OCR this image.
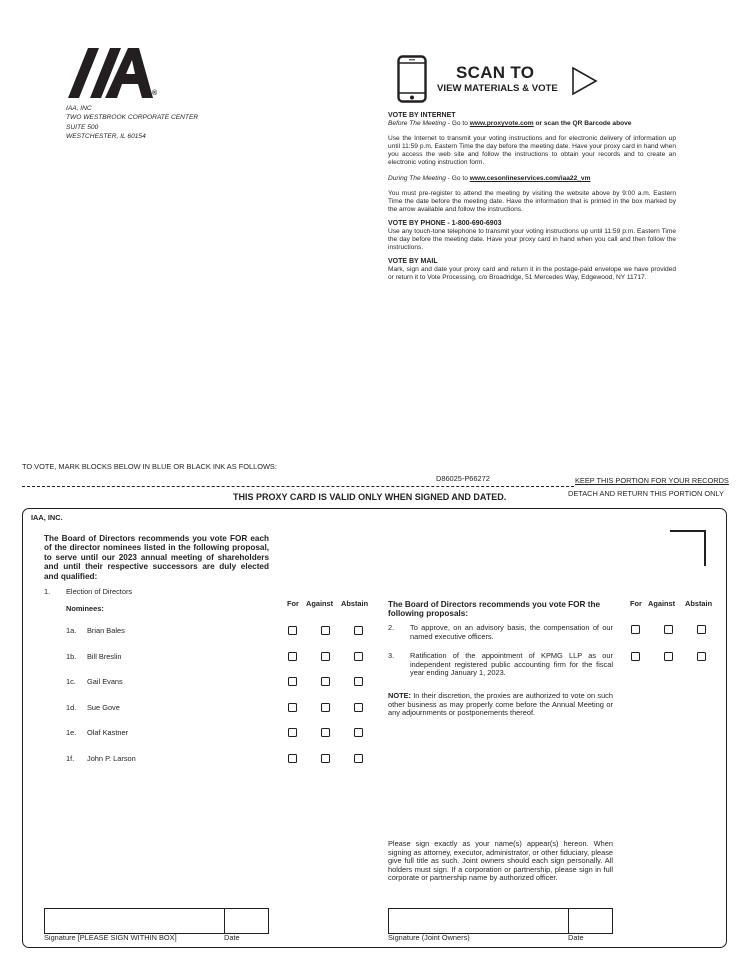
®
IAA, INC
TWO WESTBROOK CORPORATE CENTER
SUITE 500
WESTCHESTER, IL 60154
SCAN TO
VIEW MATERIALS & VOTE
VOTE BY INTERNET
Before The Meeting - Go to www.proxyvote.com or scan the QR Barcode above
Use the Internet to transmit your voting instructions and for electronic delivery of information up until 11:59 p.m. Eastern Time the day before the meeting date. Have your proxy card in hand when you access the web site and follow the instructions to obtain your records and to create an electronic voting instruction form.
During The Meeting - Go to www.cesonlineservices.com/iaa22_vm
You must pre-register to attend the meeting by visiting the website above by 9:00 a.m. Eastern Time the date before the meeting date. Have the information that is printed in the box marked by the arrow available and follow the instructions.
VOTE BY PHONE - 1-800-690-6903
Use any touch-tone telephone to transmit your voting instructions up until 11:59 p.m. Eastern Time the day before the meeting date. Have your proxy card in hand when you call and then follow the instructions.
VOTE BY MAIL
Mark, sign and date your proxy card and return it in the postage-paid envelope we have provided or return it to Vote Processing, c/o Broadridge, 51 Mercedes Way, Edgewood, NY 11717.
TO VOTE, MARK BLOCKS BELOW IN BLUE OR BLACK INK AS FOLLOWS:
D86025-P66272	KEEP THIS PORTION FOR YOUR RECORDS
DETACH AND RETURN THIS PORTION ONLY
THIS PROXY CARD IS VALID ONLY WHEN SIGNED AND DATED.
IAA, INC.
The Board of Directors recommends you vote FOR each of the director nominees listed in the following proposal, to serve until our 2023 annual meeting of shareholders and until their respective successors are duly elected and qualified:
1. Election of Directors
Nominees:
For Against Abstain
1a. Brian Bales
1b. Bill Breslin
1c. Gail Evans
1d. Sue Gove
1e. Olaf Kastner
1f. John P. Larson
The Board of Directors recommends you vote FOR the following proposals:
For Against Abstain
2. To approve, on an advisory basis, the compensation of our named executive officers.
3. Ratification of the appointment of KPMG LLP as our independent registered public accounting firm for the fiscal year ending January 1, 2023.
NOTE: In their discretion, the proxies are authorized to vote on such other business as may properly come before the Annual Meeting or any adjournments or postponements thereof.
Please sign exactly as your name(s) appear(s) hereon. When signing as attorney, executor, administrator, or other fiduciary, please give full title as such. Joint owners should each sign personally. All holders must sign. If a corporation or partnership, please sign in full corporate or partnership name by authorized officer.
Signature [PLEASE SIGN WITHIN BOX]	Date	Signature (Joint Owners)	Date
